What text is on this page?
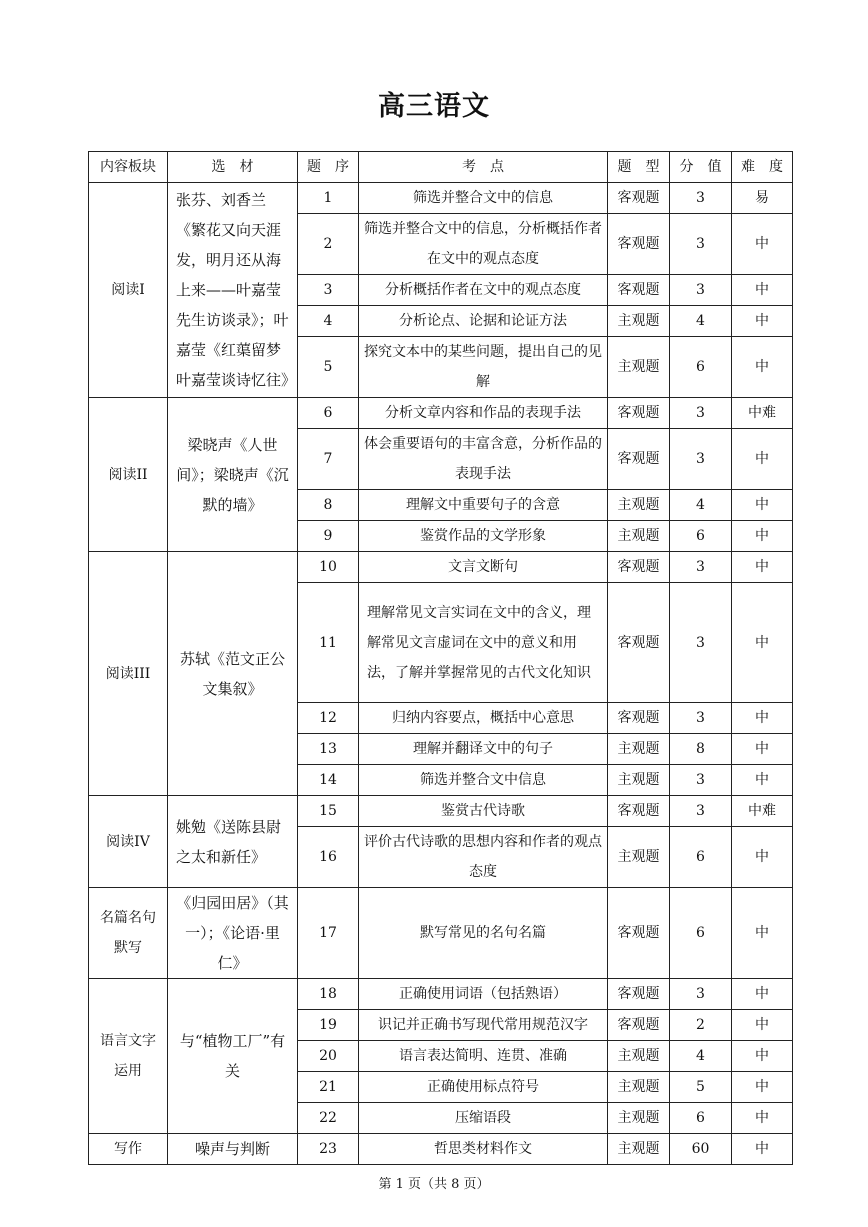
高三语文
内容板块	选　材	题　序	考　点	题　型	分　值	难　度
阅读I	张芬、刘香兰《繁花又向天涯发，明月还从海上来——叶嘉莹先生访谈录》；叶嘉莹《红蕖留梦　叶嘉莹谈诗忆往》	1	筛选并整合文中的信息	客观题	3	易
		2	筛选并整合文中的信息，分析概括作者在文中的观点态度	客观题	3	中
		3	分析概括作者在文中的观点态度	客观题	3	中
		4	分析论点、论据和论证方法	主观题	4	中
		5	探究文本中的某些问题，提出自己的见解	主观题	6	中
阅读II	梁晓声《人世间》；梁晓声《沉默的墙》	6	分析文章内容和作品的表现手法	客观题	3	中难
		7	体会重要语句的丰富含意，分析作品的表现手法	客观题	3	中
		8	理解文中重要句子的含意	主观题	4	中
		9	鉴赏作品的文学形象	主观题	6	中
阅读III	苏轼《范文正公文集叙》	10	文言文断句	客观题	3	中
		11	理解常见文言实词在文中的含义，理解常见文言虚词在文中的意义和用法，了解并掌握常见的古代文化知识	客观题	3	中
		12	归纳内容要点，概括中心意思	客观题	3	中
		13	理解并翻译文中的句子	主观题	8	中
		14	筛选并整合文中信息	主观题	3	中
阅读IV	姚勉《送陈县尉之太和新任》	15	鉴赏古代诗歌	客观题	3	中难
		16	评价古代诗歌的思想内容和作者的观点态度	主观题	6	中
名篇名句默写	《归园田居》（其一）；《论语·里仁》	17	默写常见的名句名篇	客观题	6	中
语言文字运用	与“植物工厂”有关	18	正确使用词语（包括熟语）	客观题	3	中
		19	识记并正确书写现代常用规范汉字	客观题	2	中
		20	语言表达简明、连贯、准确	主观题	4	中
		21	正确使用标点符号	主观题	5	中
		22	压缩语段	主观题	6	中
写作	噪声与判断	23	哲思类材料作文	主观题	60	中
第 1 页（共 8 页）
